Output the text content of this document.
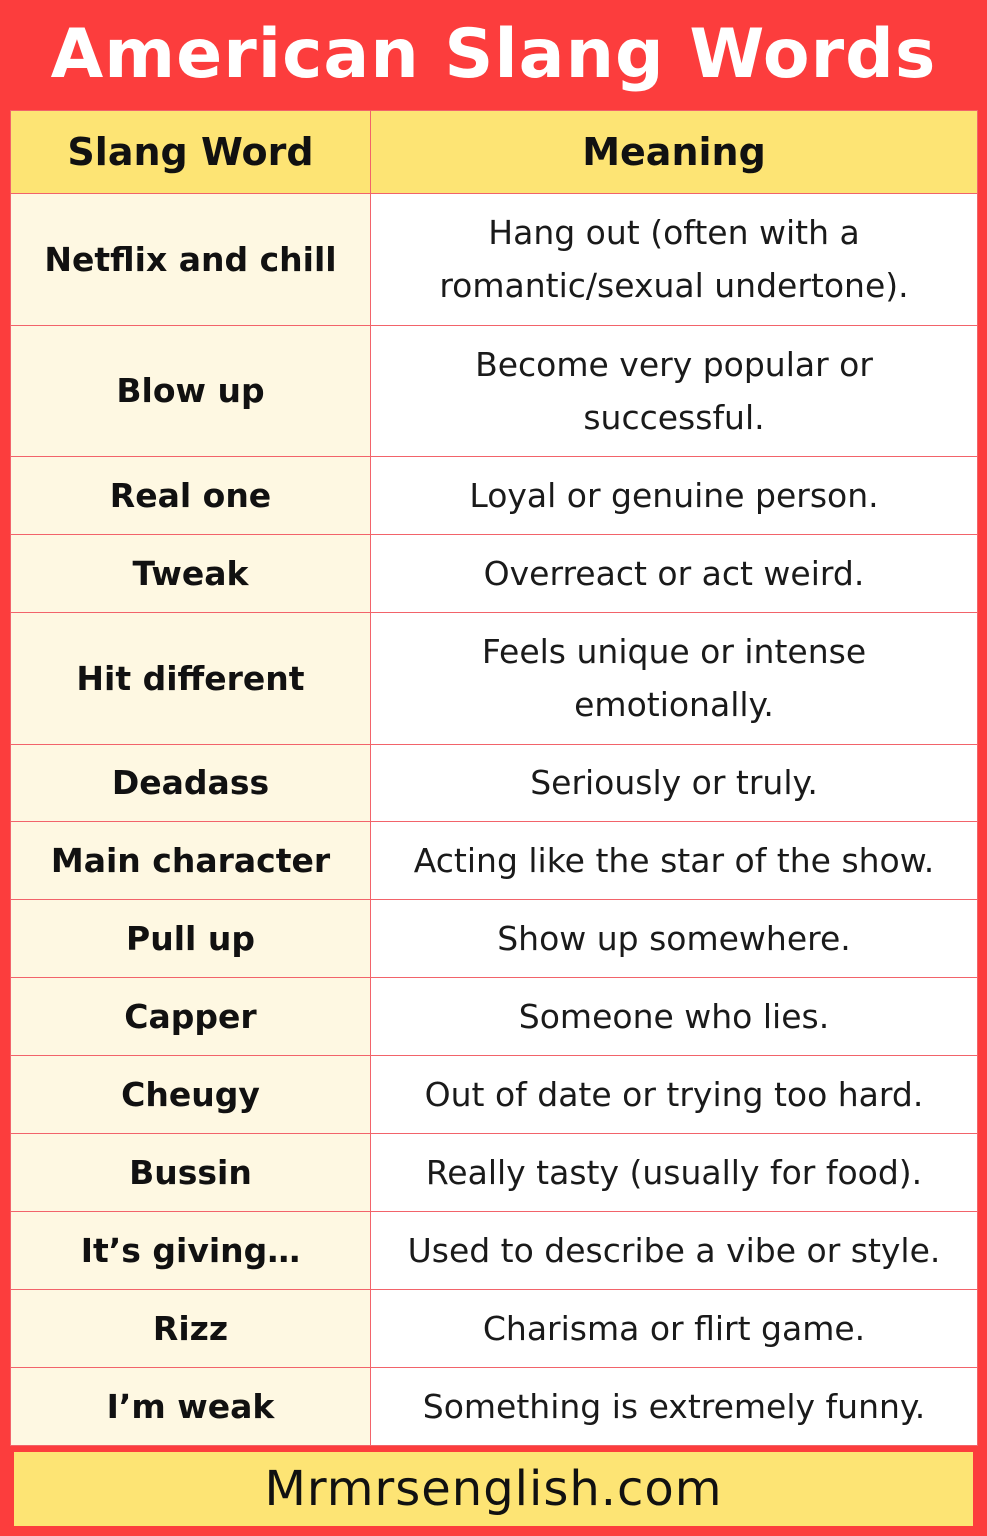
American Slang Words
Slang Word	Meaning
Netflix and chill	Hang out (often with a romantic/sexual undertone).
Blow up	Become very popular or successful.
Real one	Loyal or genuine person.
Tweak	Overreact or act weird.
Hit different	Feels unique or intense emotionally.
Deadass	Seriously or truly.
Main character	Acting like the star of the show.
Pull up	Show up somewhere.
Capper	Someone who lies.
Cheugy	Out of date or trying too hard.
Bussin	Really tasty (usually for food).
It’s giving…	Used to describe a vibe or style.
Rizz	Charisma or flirt game.
I’m weak	Something is extremely funny.
Mrmrsenglish.com
